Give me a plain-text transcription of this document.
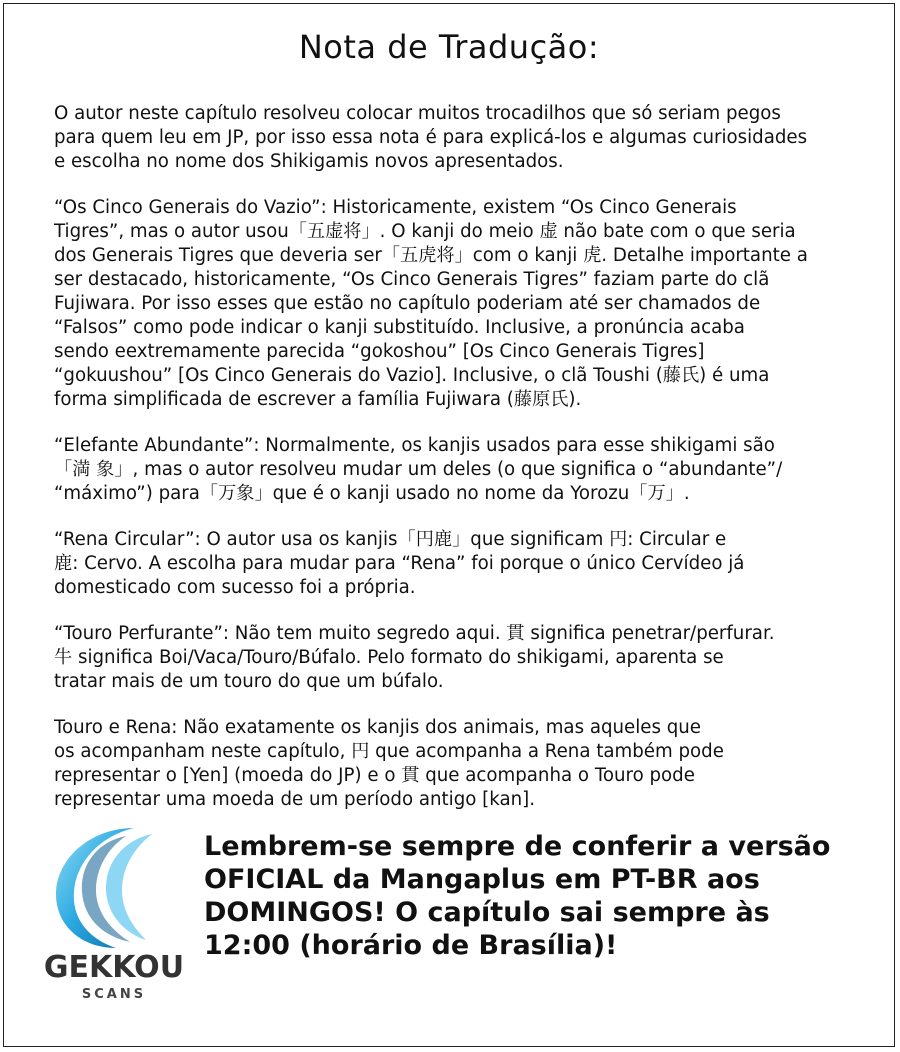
Nota de Tradução:

O autor neste capítulo resolveu colocar muitos trocadilhos que só seriam pegos
para quem leu em JP, por isso essa nota é para explicá-los e algumas curiosidades
e escolha no nome dos Shikigamis novos apresentados.

“Os Cinco Generais do Vazio”: Historicamente, existem “Os Cinco Generais
Tigres”, mas o autor usou「五虚将」. O kanji do meio 虚 não bate com o que seria
dos Generais Tigres que deveria ser「五虎将」com o kanji 虎. Detalhe importante a
ser destacado, historicamente, “Os Cinco Generais Tigres” faziam parte do clã
Fujiwara. Por isso esses que estão no capítulo poderiam até ser chamados de
“Falsos” como pode indicar o kanji substituído. Inclusive, a pronúncia acaba
sendo eextremamente parecida “gokoshou” [Os Cinco Generais Tigres]
“gokuushou” [Os Cinco Generais do Vazio]. Inclusive, o clã Toushi (藤氏) é uma
forma simplificada de escrever a família Fujiwara (藤原氏).

“Elefante Abundante”: Normalmente, os kanjis usados para esse shikigami são
「満 象」, mas o autor resolveu mudar um deles (o que significa o “abundante”/
“máximo”) para「万象」que é o kanji usado no nome da Yorozu「万」.

“Rena Circular”: O autor usa os kanjis「円鹿」que significam 円: Circular e
鹿: Cervo. A escolha para mudar para “Rena” foi porque o único Cervídeo já
domesticado com sucesso foi a própria.

“Touro Perfurante”: Não tem muito segredo aqui. 貫 significa penetrar/perfurar.
牛 significa Boi/Vaca/Touro/Búfalo. Pelo formato do shikigami, aparenta se
tratar mais de um touro do que um búfalo.

Touro e Rena: Não exatamente os kanjis dos animais, mas aqueles que
os acompanham neste capítulo, 円 que acompanha a Rena também pode
representar o [Yen] (moeda do JP) e o 貫 que acompanha o Touro pode
representar uma moeda de um período antigo [kan].

GEKKOU
SCANS
Lembrem-se sempre de conferir a versão
OFICIAL da Mangaplus em PT-BR aos
DOMINGOS! O capítulo sai sempre às
12:00 (horário de Brasília)!
